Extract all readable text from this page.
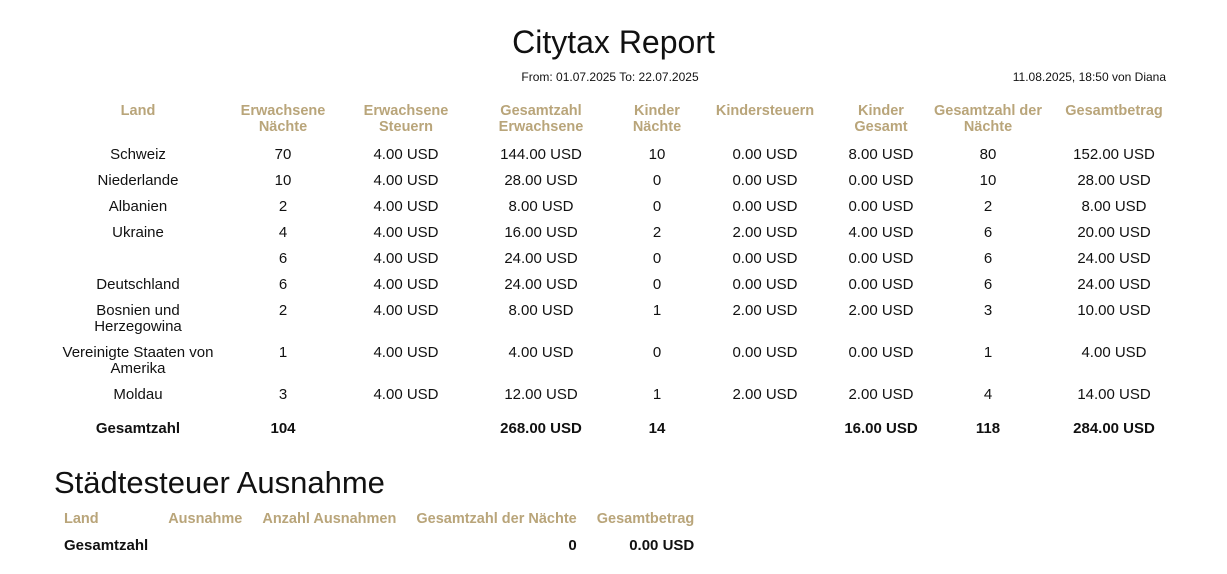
Citytax Report
From: 01.07.2025 To: 22.07.2025	11.08.2025, 18:50 von Diana
Land	Erwachsene Nächte	Erwachsene Steuern	Gesamtzahl Erwachsene	Kinder Nächte	Kindersteuern	Kinder Gesamt	Gesamtzahl der Nächte	Gesamtbetrag
Schweiz	70	4.00 USD	144.00 USD	10	0.00 USD	8.00 USD	80	152.00 USD
Niederlande	10	4.00 USD	28.00 USD	0	0.00 USD	0.00 USD	10	28.00 USD
Albanien	2	4.00 USD	8.00 USD	0	0.00 USD	0.00 USD	2	8.00 USD
Ukraine	4	4.00 USD	16.00 USD	2	2.00 USD	4.00 USD	6	20.00 USD
	6	4.00 USD	24.00 USD	0	0.00 USD	0.00 USD	6	24.00 USD
Deutschland	6	4.00 USD	24.00 USD	0	0.00 USD	0.00 USD	6	24.00 USD
Bosnien und Herzegowina	2	4.00 USD	8.00 USD	1	2.00 USD	2.00 USD	3	10.00 USD
Vereinigte Staaten von Amerika	1	4.00 USD	4.00 USD	0	0.00 USD	0.00 USD	1	4.00 USD
Moldau	3	4.00 USD	12.00 USD	1	2.00 USD	2.00 USD	4	14.00 USD
Gesamtzahl	104		268.00 USD	14		16.00 USD	118	284.00 USD
Städtesteuer Ausnahme
Land	Ausnahme	Anzahl Ausnahmen	Gesamtzahl der Nächte	Gesamtbetrag
Gesamtzahl			0	0.00 USD
